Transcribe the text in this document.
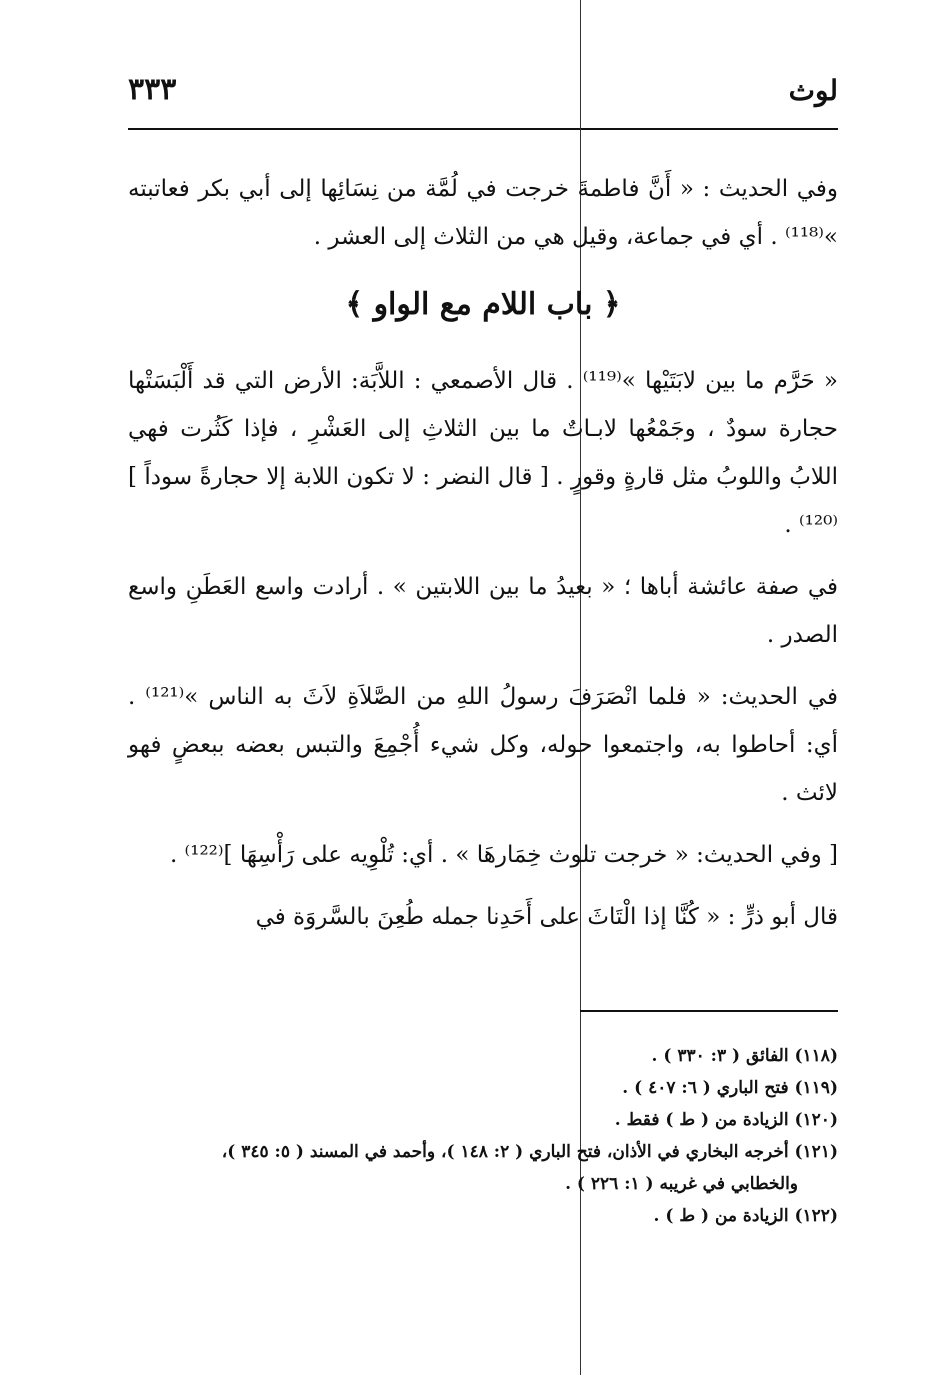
٣٣٣	لوث

وفي الحديث : « أَنَّ فاطمةَ خرجت في لُمَّة من نِسَائِها إلى أبي بكر فعاتبته »⁽¹¹⁸⁾ . أي في جماعة، وقيل هي من الثلاث إلى العشر .

﴿ باب اللام مع الواو ﴾

« حَرَّم ما بين لابَتَيْها »⁽¹¹⁹⁾ . قال الأصمعي : اللاَّبَة: الأرض التي قد أَلْبَسَتْها حجارة سودٌ ، وجَمْعُها لابـاتٌ ما بين الثلاثِ إلى العَشْرِ ، فإذا كَثُرت فهي اللابُ واللوبُ مثل قارةٍ وقورٍ . [ قال النضر : لا تكون اللابة إلا حجارةً سوداً ]⁽¹²⁰⁾ .

في صفة عائشة أباها ؛ « بعيدُ ما بين اللابتين » . أرادت واسع العَطَنِ واسع الصدر .

في الحديث: « فلما انْصَرَفَ رسولُ اللهِ من الصَّلاَةِ لاَثَ به الناس »⁽¹²¹⁾ . أي: أحاطوا به، واجتمعوا حوله، وكل شيء أُجْمِعَ والتبس بعضه ببعضٍ فهو لائث .

[ وفي الحديث: « خرجت تلوث خِمَارهَا » . أي: تُلْوِيه على رَأْسِهَا ]⁽¹²²⁾ .

قال أبو ذرٍّ : « كُنَّا إذا الْتَاثَ على أَحَدِنا جمله طُعِنَ بالسَّروَة في

(١١٨) الفائق ( ٣: ٣٣٠ ) .

(١١٩) فتح الباري ( ٦: ٤٠٧ ) .

(١٢٠) الزيادة من ( ط ) فقط .

(١٢١) أخرجه البخاري في الأذان، فتح الباري ( ٢: ١٤٨ )، وأحمد في المسند ( ٥: ٣٤٥ )،

والخطابي في غريبه ( ١: ٢٢٦ ) .

(١٢٢) الزيادة من ( ط ) .
